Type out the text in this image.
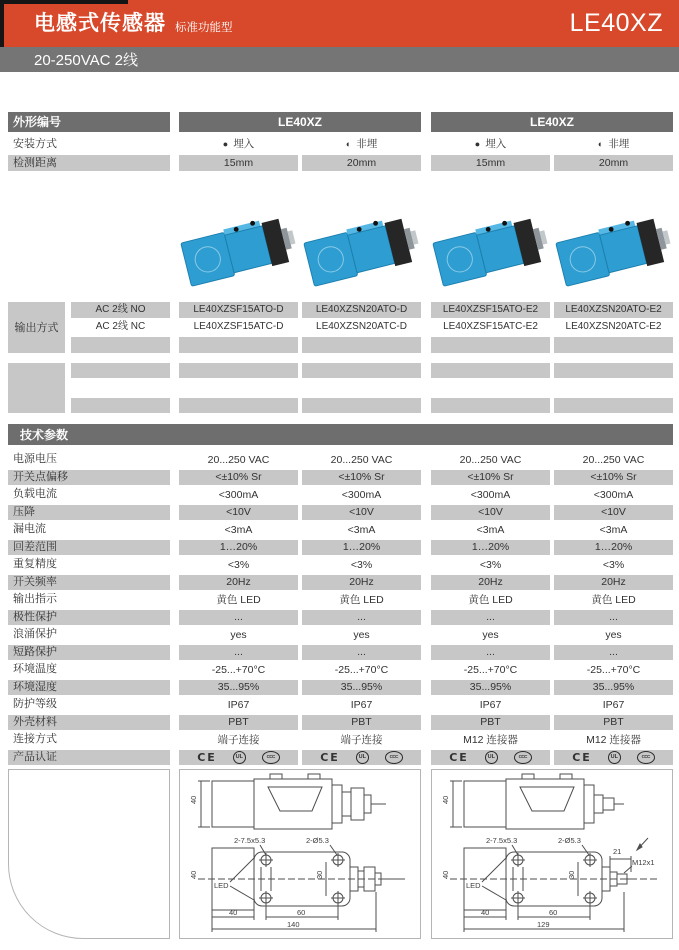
电感式传感器 标准功能型	LE40XZ
20-250VAC 2线
外形编号	LE40XZ	LE40XZ
安装方式	● 埋入	◐ 非埋	● 埋入	◐ 非埋
检测距离	15mm	20mm	15mm	20mm
输出方式
AC 2线 NO	LE40XZSF15ATO-D	LE40XZSN20ATO-D	LE40XZSF15ATO-E2	LE40XZSN20ATO-E2
AC 2线 NC	LE40XZSF15ATC-D	LE40XZSN20ATC-D	LE40XZSF15ATC-E2	LE40XZSN20ATC-E2
技术参数
电源电压	20...250 VAC	20...250 VAC	20...250 VAC	20...250 VAC
开关点偏移	<±10% Sr	<±10% Sr	<±10% Sr	<±10% Sr
负载电流	<300mA	<300mA	<300mA	<300mA
压降	<10V	<10V	<10V	<10V
漏电流	<3mA	<3mA	<3mA	<3mA
回差范围	1…20%	1…20%	1…20%	1…20%
重复精度	<3%	<3%	<3%	<3%
开关频率	20Hz	20Hz	20Hz	20Hz
输出指示	黄色 LED	黄色 LED	黄色 LED	黄色 LED
极性保护	...	...	...	...
浪涌保护	yes	yes	yes	yes
短路保护	...	...	...	...
环境温度	-25...+70°C	-25...+70°C	-25...+70°C	-25...+70°C
环境湿度	35...95%	35...95%	35...95%	35...95%
防护等级	IP67	IP67	IP67	IP67
外壳材料	PBT	PBT	PBT	PBT
连接方式	端子连接	端子连接	M12 连接器	M12 连接器
产品认证	CE	UL	CCC	CE	UL	CCC	CE	UL	CCC	CE	UL	CCC
40
2-7.5x5.3	2-Ø5.3
40
LED
30
40	60
140
40
2-7.5x5.3	2-Ø5.3
21
M12x1
40
LED
30
40	60
129
